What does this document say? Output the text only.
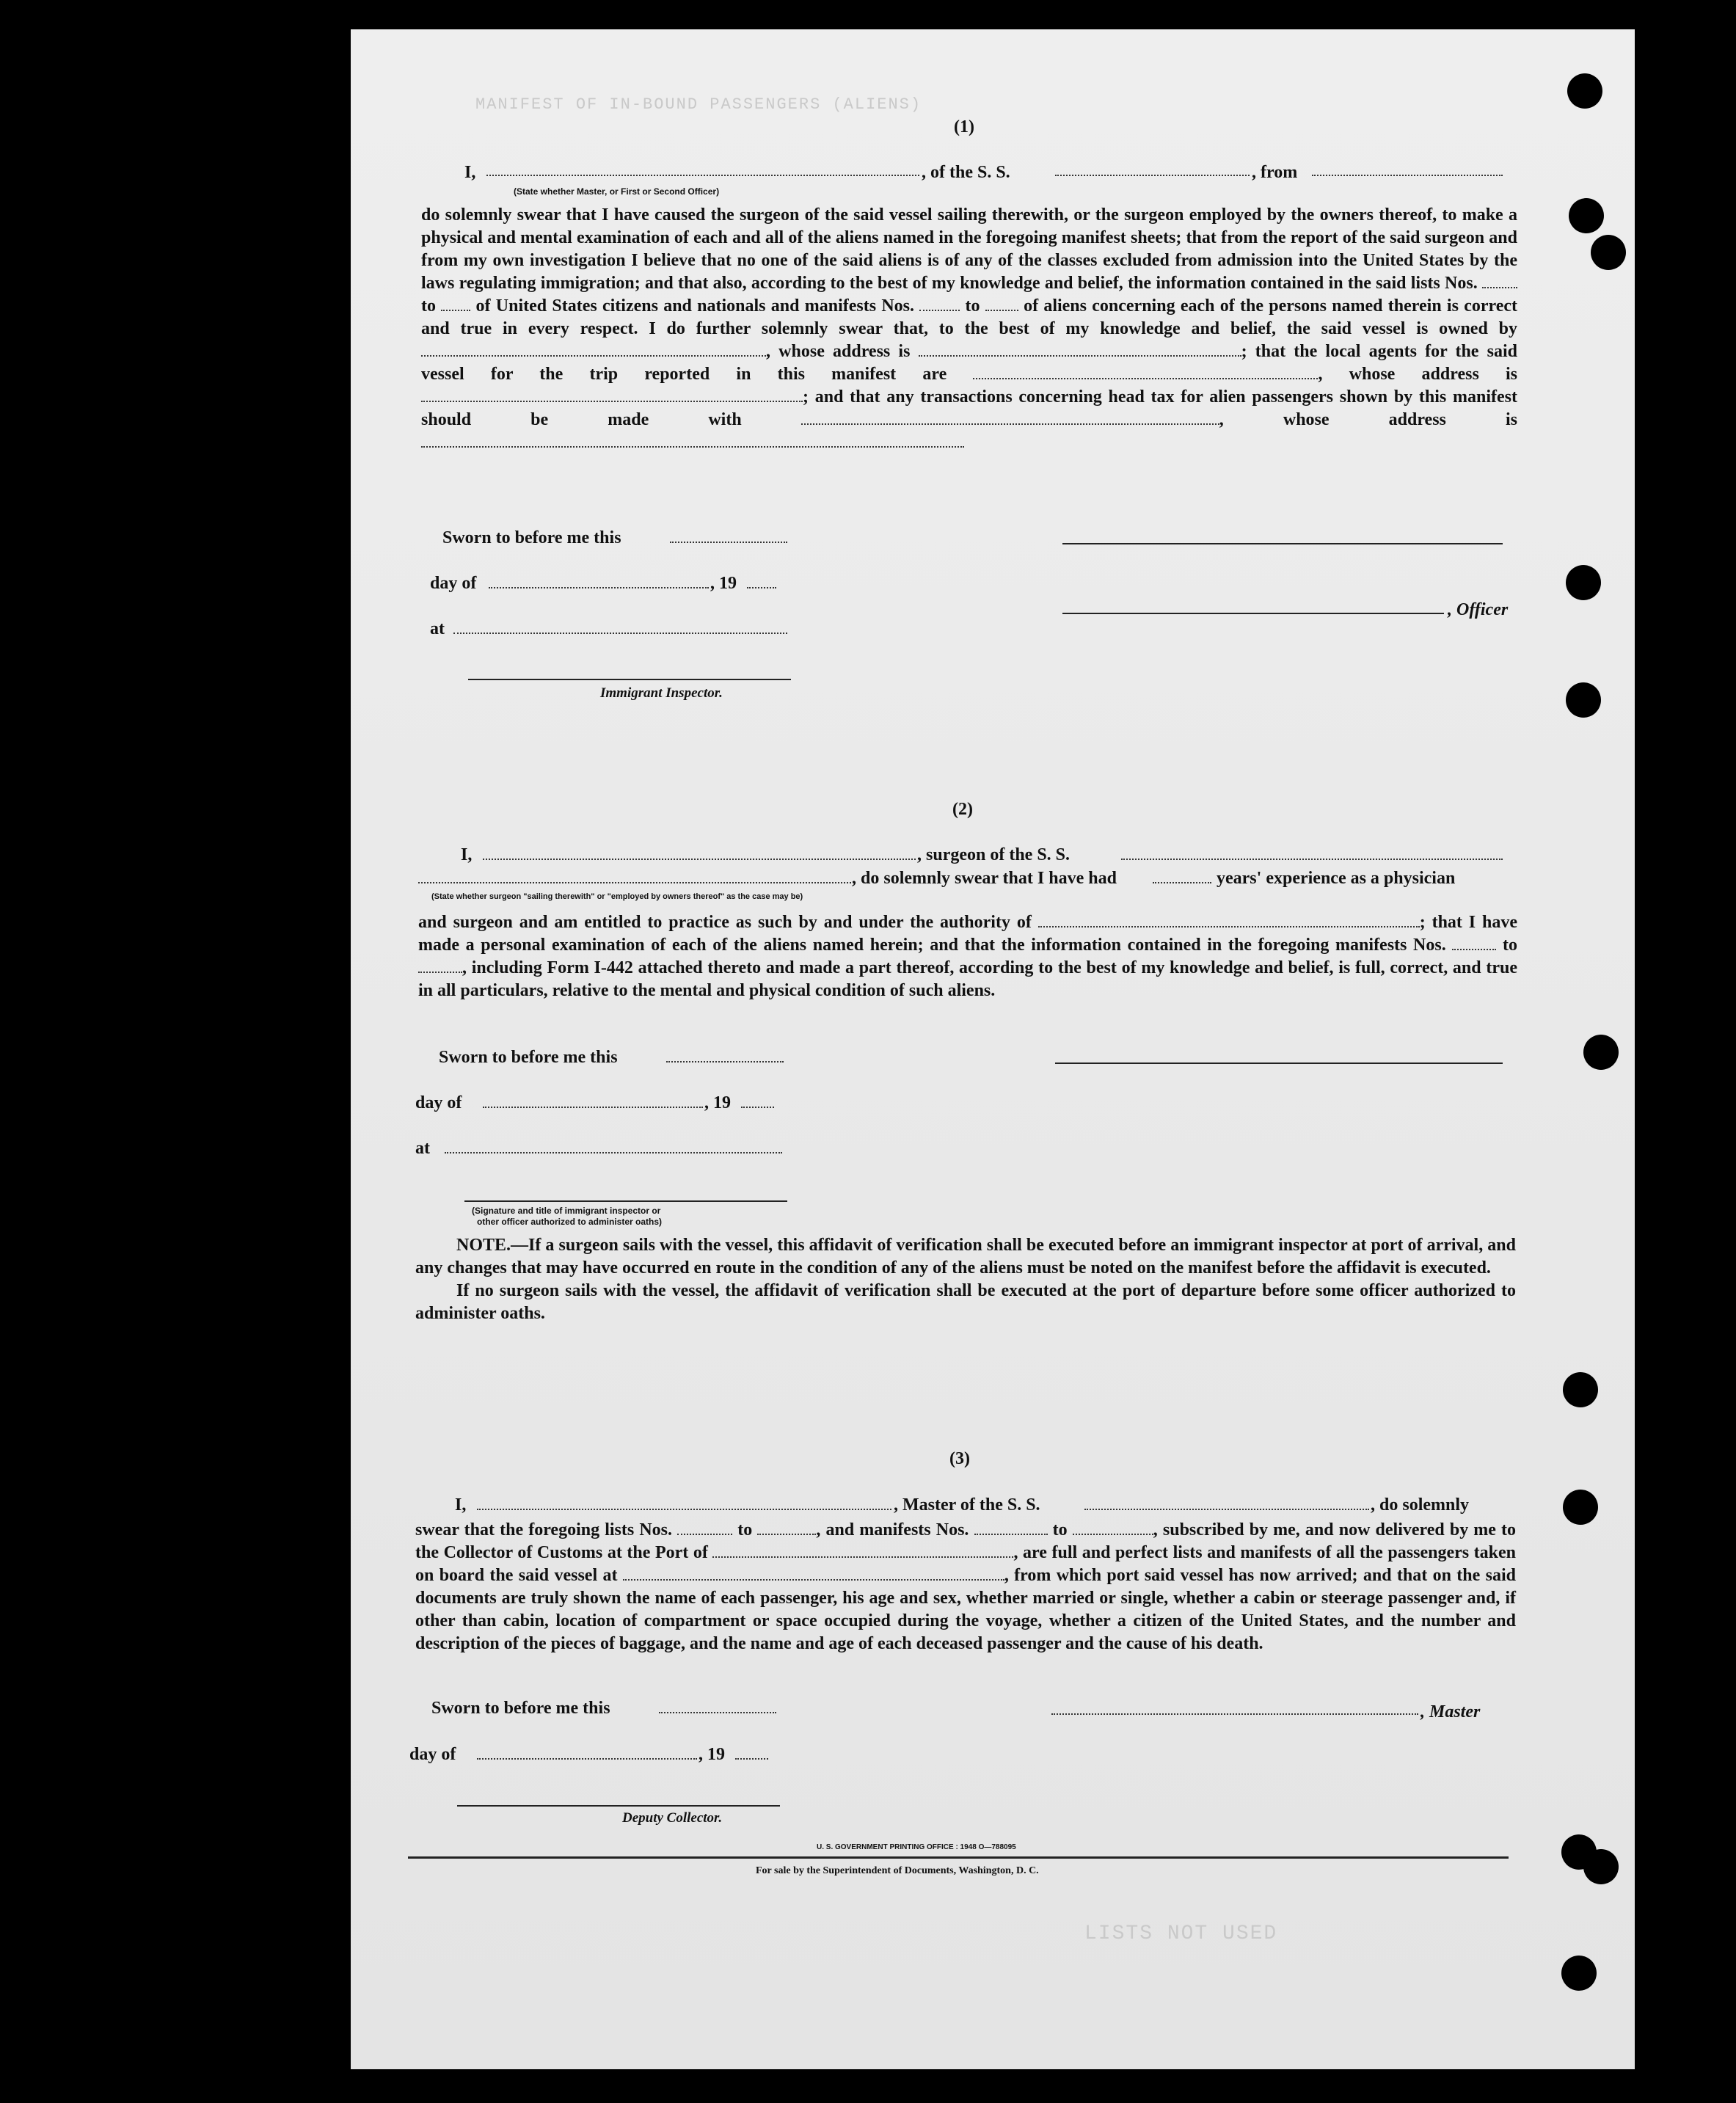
MANIFEST OF IN-BOUND PASSENGERS (ALIENS)
LISTS NOT USED
(1)
I,	, of the S. S.	, from
(State whether Master, or First or Second Officer)
do solemnly swear that I have caused the surgeon of the said vessel sailing therewith, or the surgeon employed by the owners thereof, to make a physical and mental examination of each and all of the aliens named in the foregoing manifest sheets; that from the report of the said surgeon and from my own investigation I believe that no one of the said aliens is of any of the classes excluded from admission into the United States by the laws regulating immigration; and that also, according to the best of my knowledge and belief, the information contained in the said lists Nos.  to of United States citizens and nationals and manifests Nos.	to of aliens concerning each of the persons named therein is correct and true in every respect. I do further solemnly swear that, to the best of my knowledge and belief, the said vessel is owned by , whose address is	; that the local agents for the said vessel for the trip reported in this manifest are	, whose address is ; and that any transactions concerning head tax for alien passengers shown by this manifest should be made with	, whose address is
Sworn to before me this
day of	, 19
, Officer
at
Immigrant Inspector.
(2)
I,	, surgeon of the S. S.
, do solemnly swear that I have had	years' experience as a physician
(State whether surgeon "sailing therewith" or "employed by owners thereof" as the case may be)
and surgeon and am entitled to practice as such by and under the authority of	; that I have made a personal examination of each of the aliens named herein; and that the information contained in the foregoing manifests Nos.	to , including Form I-442 attached thereto and made a part thereof, according to the best of my knowledge and belief, is full, correct, and true in all particulars, relative to the mental and physical condition of such aliens.
Sworn to before me this
day of	, 19
at
(Signature and title of immigrant inspector or
other officer authorized to administer oaths)
NOTE.—If a surgeon sails with the vessel, this affidavit of verification shall be executed before an immigrant inspector at port of arrival, and any changes that may have occurred en route in the condition of any of the aliens must be noted on the manifest before the affidavit is executed.
If no surgeon sails with the vessel, the affidavit of verification shall be executed at the port of departure before some officer authorized to administer oaths.
(3)
I,	, Master of the S. S.	, do solemnly
swear that the foregoing lists Nos.	to	, and manifests Nos.	to	, subscribed by me, and now delivered by me to the Collector of Customs at the Port of	, are full and perfect lists and manifests of all the passengers taken on board the said vessel at	, from which port said vessel has now arrived; and that on the said documents are truly shown the name of each passenger, his age and sex, whether married or single, whether a cabin or steerage passenger and, if other than cabin, location of compartment or space occupied during the voyage, whether a citizen of the United States, and the number and description of the pieces of baggage, and the name and age of each deceased passenger and the cause of his death.
Sworn to before me this	, Master
day of	, 19
Deputy Collector.
U. S. GOVERNMENT PRINTING OFFICE : 1948 O—788095
For sale by the Superintendent of Documents, Washington, D. C.
